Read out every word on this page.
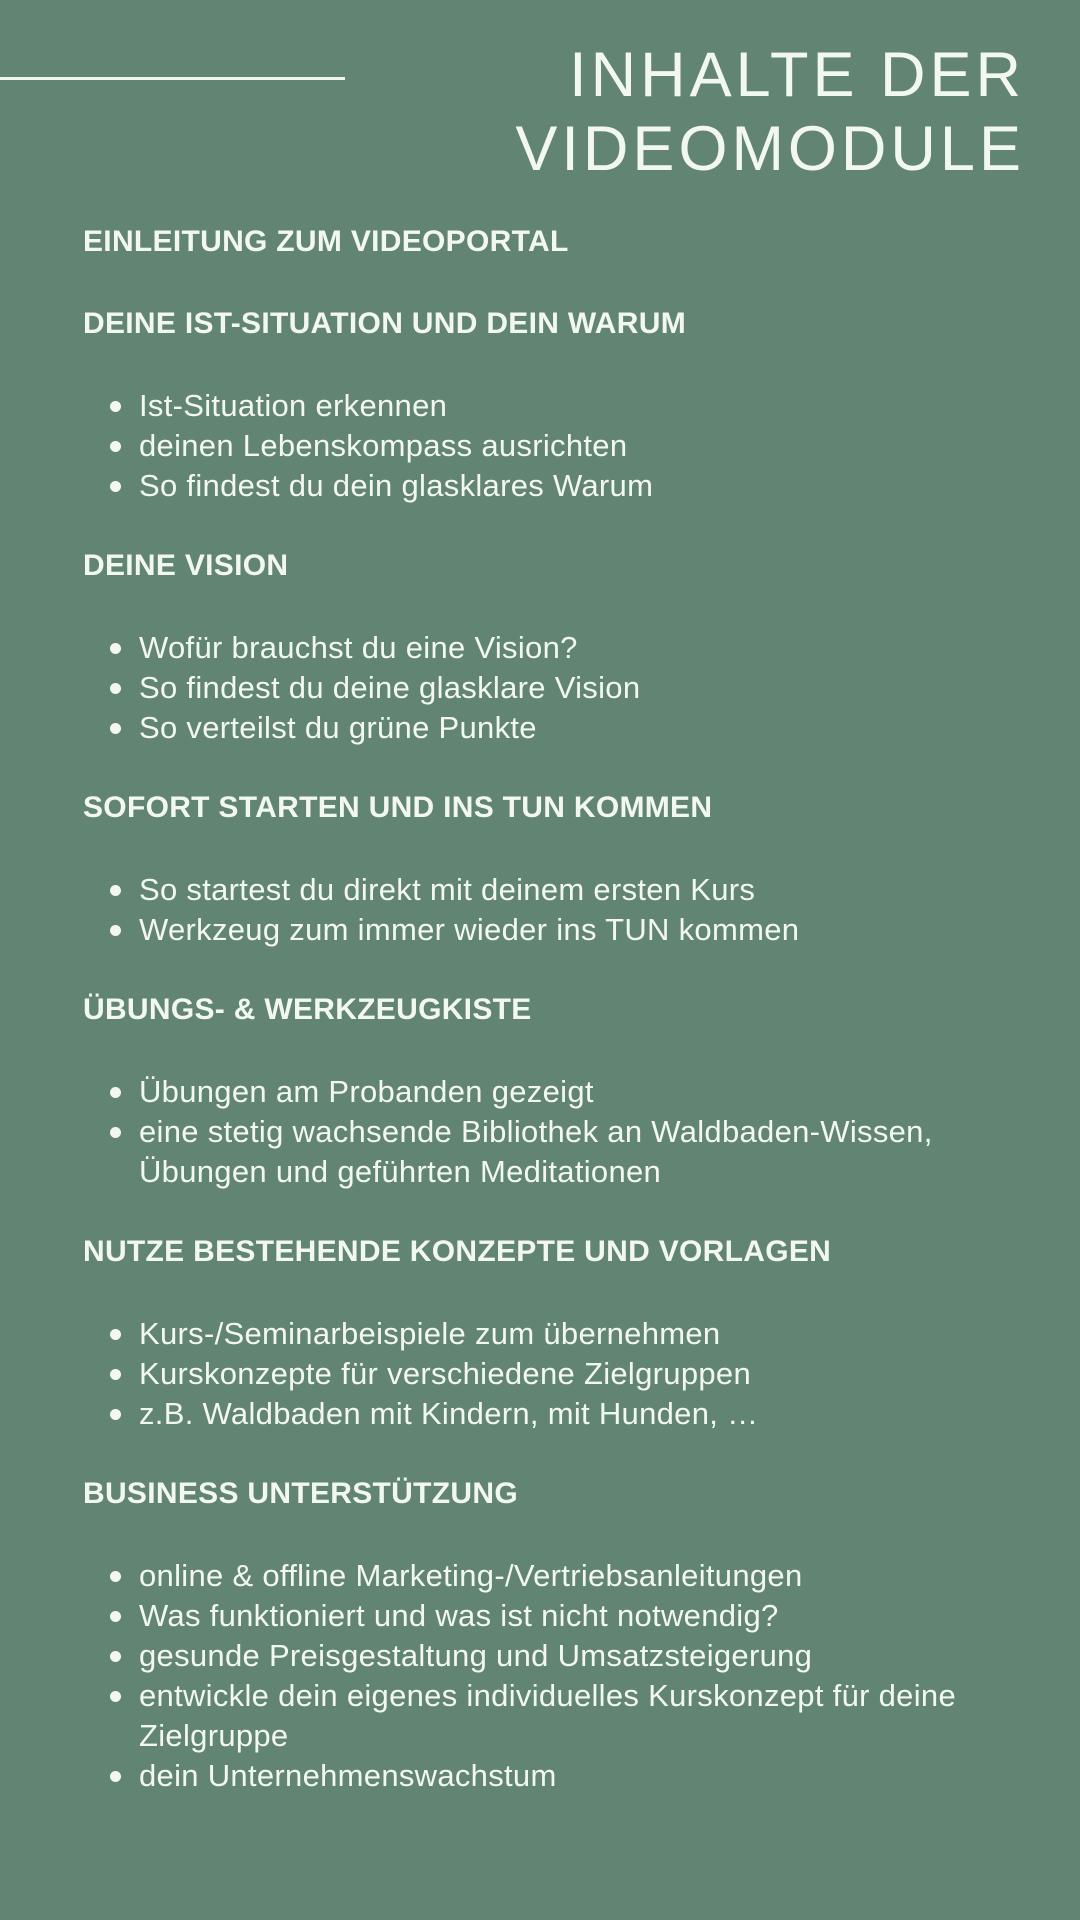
INHALTE DER
VIDEOMODULE
EINLEITUNG ZUM VIDEOPORTAL
DEINE IST-SITUATION UND DEIN WARUM
Ist-Situation erkennen
deinen Lebenskompass ausrichten
So findest du dein glasklares Warum
DEINE VISION
Wofür brauchst du eine Vision?
So findest du deine glasklare Vision
So verteilst du grüne Punkte
SOFORT STARTEN UND INS TUN KOMMEN
So startest du direkt mit deinem ersten Kurs
Werkzeug zum immer wieder ins TUN kommen
ÜBUNGS- & WERKZEUGKISTE
Übungen am Probanden gezeigt
eine stetig wachsende Bibliothek an Waldbaden-Wissen, Übungen und geführten Meditationen
NUTZE BESTEHENDE KONZEPTE UND VORLAGEN
Kurs-/Seminarbeispiele zum übernehmen
Kurskonzepte für verschiedene Zielgruppen
z.B. Waldbaden mit Kindern, mit Hunden, …
BUSINESS UNTERSTÜTZUNG
online & offline Marketing-/Vertriebsanleitungen
Was funktioniert und was ist nicht notwendig?
gesunde Preisgestaltung und Umsatzsteigerung
entwickle dein eigenes individuelles Kurskonzept für deine Zielgruppe
dein Unternehmenswachstum
